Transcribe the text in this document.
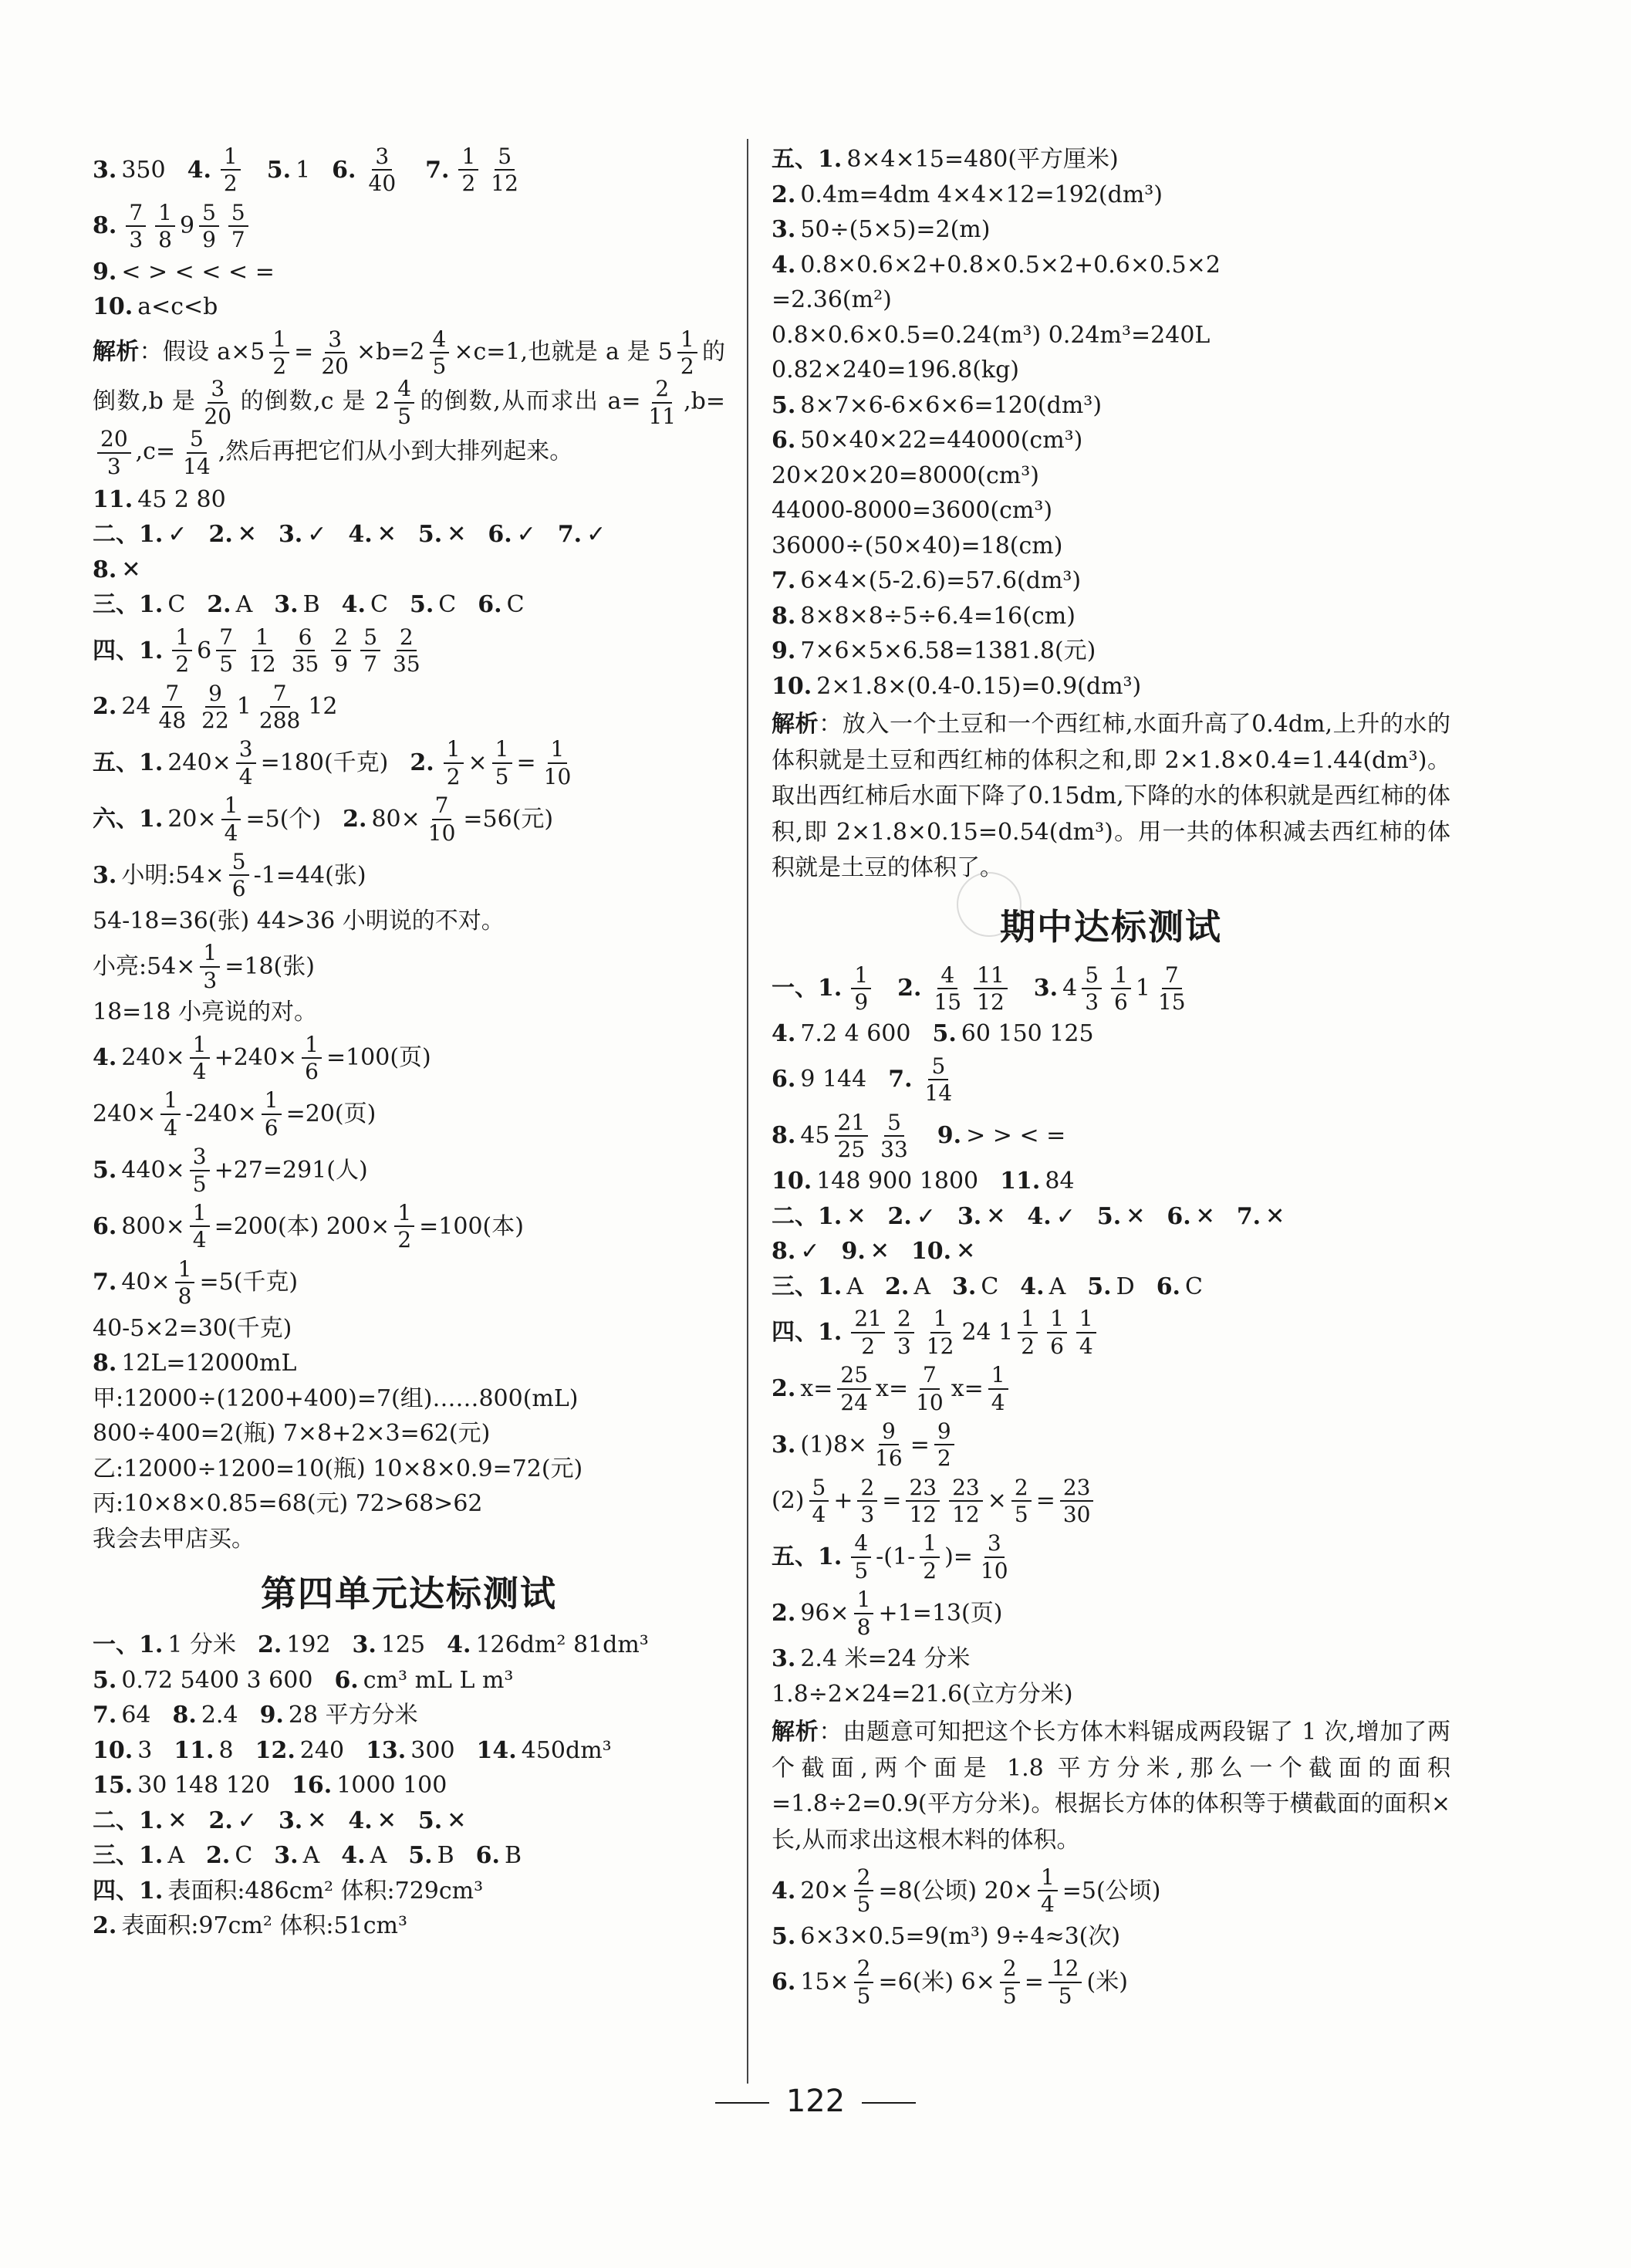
3. 350 4. $\frac{1}{2} 5$. 1 6. $\frac{3}{40} 7$. $\frac{1}{2} \frac{5}{12}$
8. $\frac{7}{3} \frac{1}{8} 9 \frac{5}{9} \frac{5}{7}$
9. < > < < < =
10. a<c<b
解析：假设 $a\times 5 \frac{1}{2} = \frac{3}{20} \times b=2 \frac{4}{5} \times c=1$,也就是 a 是 $5 \frac{1}{2}$ 的倒数,b 是 $\frac{3}{20}$ 的倒数,c 是 $2 \frac{4}{5}$ 的倒数,从而求出 $a= \frac{2}{11} ,b=$
$\frac{20}{3} ,c= \frac{5}{14}$ ,然后再把它们从小到大排列起来。
11. 45 2 80
二、1. ✓ 2. ✕ 3. ✓ 4. ✕ 5. ✕ 6. ✓ 7. ✓
8. ✕
三、1. C 2. A 3. B 4. C 5. C 6. C
四、1. $\frac{1}{2} 6 \frac{7}{5} \frac{1}{12} \frac{6}{35} \frac{2}{9} \frac{5}{7} \frac{2}{35}$
2. $24 \frac{7}{48} \frac{9}{22} 1 \frac{7}{288} 12$
五、1. $240\times \frac{3}{4} =180$(千克) 2. $\frac{1}{2} \times \frac{1}{5} = \frac{1}{10}$
六、1. $20\times \frac{1}{4} =5$(个) 2. $80\times \frac{7}{10} =56$(元)
3. 小明:54× $\frac{5}{6} -1=44$(张)
54-18=36(张) 44>36 小明说的不对。
小亮:54× $\frac{1}{3} =18$(张)
18=18 小亮说的对。
4. $240\times \frac{1}{4} +240\times \frac{1}{6} =100$(页)
$240\times \frac{1}{4} -240\times \frac{1}{6} =20$(页)
5. $440\times \frac{3}{5} +27=291$(人)
6. $800\times \frac{1}{4} =200$(本) $200\times \frac{1}{2} =100$(本)
7. $40\times \frac{1}{8} =5$(千克)
40-5×2=30(千克)
8. 12L=12000mL
甲:12000÷(1200+400)=7(组)……800(mL)
800÷400=2(瓶) 7×8+2×3=62(元)
乙:12000÷1200=10(瓶) 10×8×0.9=72(元)
丙:10×8×0.85=68(元) 72>68>62
我会去甲店买。
第四单元达标测试
一、1. 1 分米 2. 192 3. 125 4. 126dm² 81dm³
5. 0.72 5400 3 600 6. cm³ mL L m³
7. 64 8. 2.4 9. 28 平方分米
10. 3 11. 8 12. 240 13. 300 14. 450dm³
15. 30 148 120 16. 1000 100
二、1. ✕ 2. ✓ 3. ✕ 4. ✕ 5. ✕
三、1. A 2. C 3. A 4. A 5. B 6. B
四、1. 表面积:486cm² 体积:729cm³
2. 表面积:97cm² 体积:51cm³
五、1. 8×4×15=480(平方厘米)
2. 0.4m=4dm 4×4×12=192(dm³)
3. 50÷(5×5)=2(m)
4. 0.8×0.6×2+0.8×0.5×2+0.6×0.5×2
=2.36(m²)
0.8×0.6×0.5=0.24(m³) 0.24m³=240L
0.82×240=196.8(kg)
5. 8×7×6-6×6×6=120(dm³)
6. 50×40×22=44000(cm³)
20×20×20=8000(cm³)
44000-8000=3600(cm³)
36000÷(50×40)=18(cm)
7. 6×4×(5-2.6)=57.6(dm³)
8. 8×8×8÷5÷6.4=16(cm)
9. 7×6×5×6.58=1381.8(元)
10. 2×1.8×(0.4-0.15)=0.9(dm³)
解析：放入一个土豆和一个西红柿,水面升高了0.4dm,上升的水的体积就是土豆和西红柿的体积之和,即 2×1.8×0.4=1.44(dm³)。取出西红柿后水面下降了0.15dm,下降的水的体积就是西红柿的体积,即 2×1.8×0.15=0.54(dm³)。用一共的体积减去西红柿的体积就是土豆的体积了。
期中达标测试
一、1. $\frac{1}{9} 2$. $\frac{4}{15} \frac{11}{12} 3$. $4 \frac{5}{3} \frac{1}{6} 1 \frac{7}{15}$
4. 7.2 4 600 5. 60 150 125
6. 9 144 7. $\frac{5}{14}$
8. $45 \frac{21}{25} \frac{5}{33} 9$. > > < =
10. 148 900 1800 11. 84
二、1. ✕ 2. ✓ 3. ✕ 4. ✓ 5. ✕ 6. ✕ 7. ✕
8. ✓ 9. ✕ 10. ✕
三、1. A 2. A 3. C 4. A 5. D 6. C
四、1. $\frac{21}{2} \frac{2}{3} \frac{1}{12} 24$ $1 \frac{1}{2} \frac{1}{6} \frac{1}{4}$
2. $x= \frac{25}{24} x= \frac{7}{10} x= \frac{1}{4}$
3. $(1)8\times \frac{9}{16} = \frac{9}{2}$
$(2) \frac{5}{4} + \frac{2}{3} = \frac{23}{12} \frac{23}{12} \times \frac{2}{5} = \frac{23}{30}$
五、1. $\frac{4}{5} -(1- \frac{1}{2}$ )= $\frac{3}{10}$
2. $96\times \frac{1}{8} +1=13$(页)
3. 2.4 米=24 分米
1.8÷2×24=21.6(立方分米)
解析：由题意可知把这个长方体木料锯成两段锯了 1 次,增加了两个截面,两个面是 1.8 平方分米,那么一个截面的面积=1.8÷2=0.9(平方分米)。根据长方体的体积等于横截面的面积×长,从而求出这根木料的体积。
4. $20\times \frac{2}{5} =8$(公顷) $20\times \frac{1}{4} =5$(公顷)
5. 6×3×0.5=9(m³) 9÷4≈3(次)
6. $15\times \frac{2}{5} =6$(米) $6\times \frac{2}{5} = \frac{12}{5}$ (米)
122
